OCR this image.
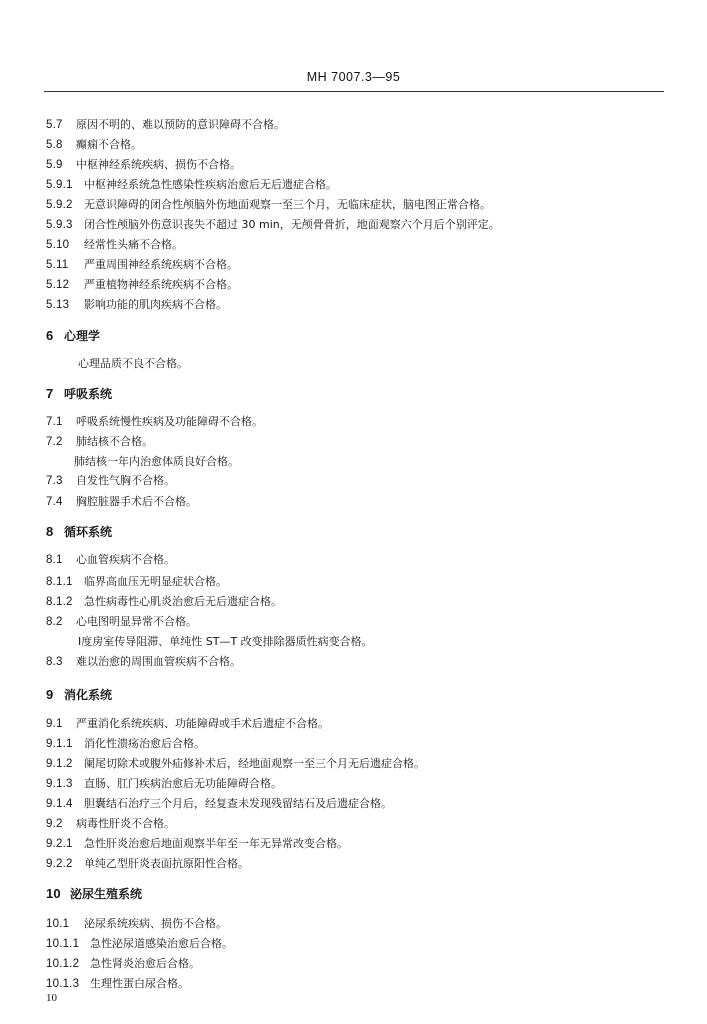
MH 7007.3—95
5.7 原因不明的、难以预防的意识障碍不合格。
5.8 癫痫不合格。
5.9 中枢神经系统疾病、损伤不合格。
5.9.1 中枢神经系统急性感染性疾病治愈后无后遗症合格。
5.9.2 无意识障碍的闭合性颅脑外伤地面观察一至三个月，无临床症状，脑电图正常合格。
5.9.3 闭合性颅脑外伤意识丧失不超过 30 min，无颅骨骨折，地面观察六个月后个别评定。
5.10 经常性头痛不合格。
5.11 严重周围神经系统疾病不合格。
5.12 严重植物神经系统疾病不合格。
5.13 影响功能的肌肉疾病不合格。
6 心理学
心理品质不良不合格。
7 呼吸系统
7.1 呼吸系统慢性疾病及功能障碍不合格。
7.2 肺结核不合格。
肺结核一年内治愈体质良好合格。
7.3 自发性气胸不合格。
7.4 胸腔脏器手术后不合格。
8 循环系统
8.1 心血管疾病不合格。
8.1.1 临界高血压无明显症状合格。
8.1.2 急性病毒性心肌炎治愈后无后遗症合格。
8.2 心电图明显异常不合格。
Ⅰ度房室传导阻滞、单纯性 ST—T 改变排除器质性病变合格。
8.3 难以治愈的周围血管疾病不合格。
9 消化系统
9.1 严重消化系统疾病、功能障碍或手术后遗症不合格。
9.1.1 消化性溃疡治愈后合格。
9.1.2 阑尾切除术或腹外疝修补术后，经地面观察一至三个月无后遗症合格。
9.1.3 直肠、肛门疾病治愈后无功能障碍合格。
9.1.4 胆囊结石治疗三个月后，经复查未发现残留结石及后遗症合格。
9.2 病毒性肝炎不合格。
9.2.1 急性肝炎治愈后地面观察半年至一年无异常改变合格。
9.2.2 单纯乙型肝炎表面抗原阳性合格。
10 泌尿生殖系统
10.1 泌尿系统疾病、损伤不合格。
10.1.1 急性泌尿道感染治愈后合格。
10.1.2 急性肾炎治愈后合格。
10.1.3 生理性蛋白尿合格。
10
